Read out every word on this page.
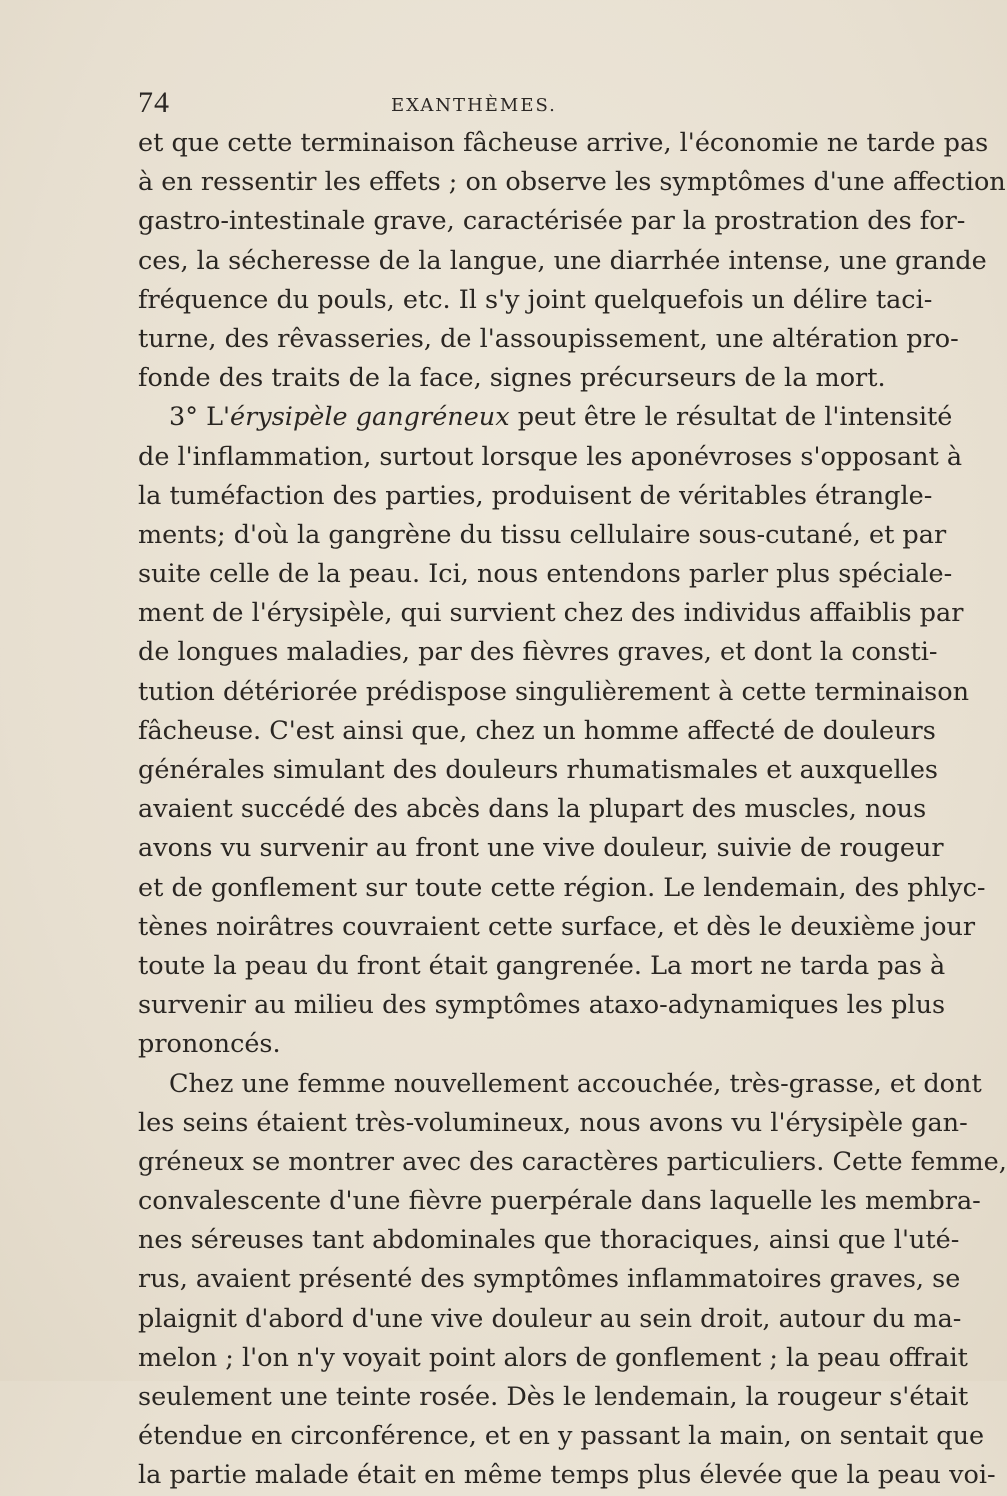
74	EXANTHÈMES.
et que cette terminaison fâcheuse arrive, l'économie ne tarde pas
à en ressentir les effets ; on observe les symptômes d'une affection
gastro-intestinale grave, caractérisée par la prostration des for-
ces, la sécheresse de la langue, une diarrhée intense, une grande
fréquence du pouls, etc. Il s'y joint quelquefois un délire taci-
turne, des rêvasseries, de l'assoupissement, une altération pro-
fonde des traits de la face, signes précurseurs de la mort.
3° L'érysipèle gangréneux peut être le résultat de l'intensité
de l'inflammation, surtout lorsque les aponévroses s'opposant à
la tuméfaction des parties, produisent de véritables étrangle-
ments; d'où la gangrène du tissu cellulaire sous-cutané, et par
suite celle de la peau. Ici, nous entendons parler plus spéciale-
ment de l'érysipèle, qui survient chez des individus affaiblis par
de longues maladies, par des fièvres graves, et dont la consti-
tution détériorée prédispose singulièrement à cette terminaison
fâcheuse. C'est ainsi que, chez un homme affecté de douleurs
générales simulant des douleurs rhumatismales et auxquelles
avaient succédé des abcès dans la plupart des muscles, nous
avons vu survenir au front une vive douleur, suivie de rougeur
et de gonflement sur toute cette région. Le lendemain, des phlyc-
tènes noirâtres couvraient cette surface, et dès le deuxième jour
toute la peau du front était gangrenée. La mort ne tarda pas à
survenir au milieu des symptômes ataxo-adynamiques les plus
prononcés.
Chez une femme nouvellement accouchée, très-grasse, et dont
les seins étaient très-volumineux, nous avons vu l'érysipèle gan-
gréneux se montrer avec des caractères particuliers. Cette femme,
convalescente d'une fièvre puerpérale dans laquelle les membra-
nes séreuses tant abdominales que thoraciques, ainsi que l'uté-
rus, avaient présenté des symptômes inflammatoires graves, se
plaignit d'abord d'une vive douleur au sein droit, autour du ma-
melon ; l'on n'y voyait point alors de gonflement ; la peau offrait
seulement une teinte rosée. Dès le lendemain, la rougeur s'était
étendue en circonférence, et en y passant la main, on sentait que
la partie malade était en même temps plus élevée que la peau voi-
